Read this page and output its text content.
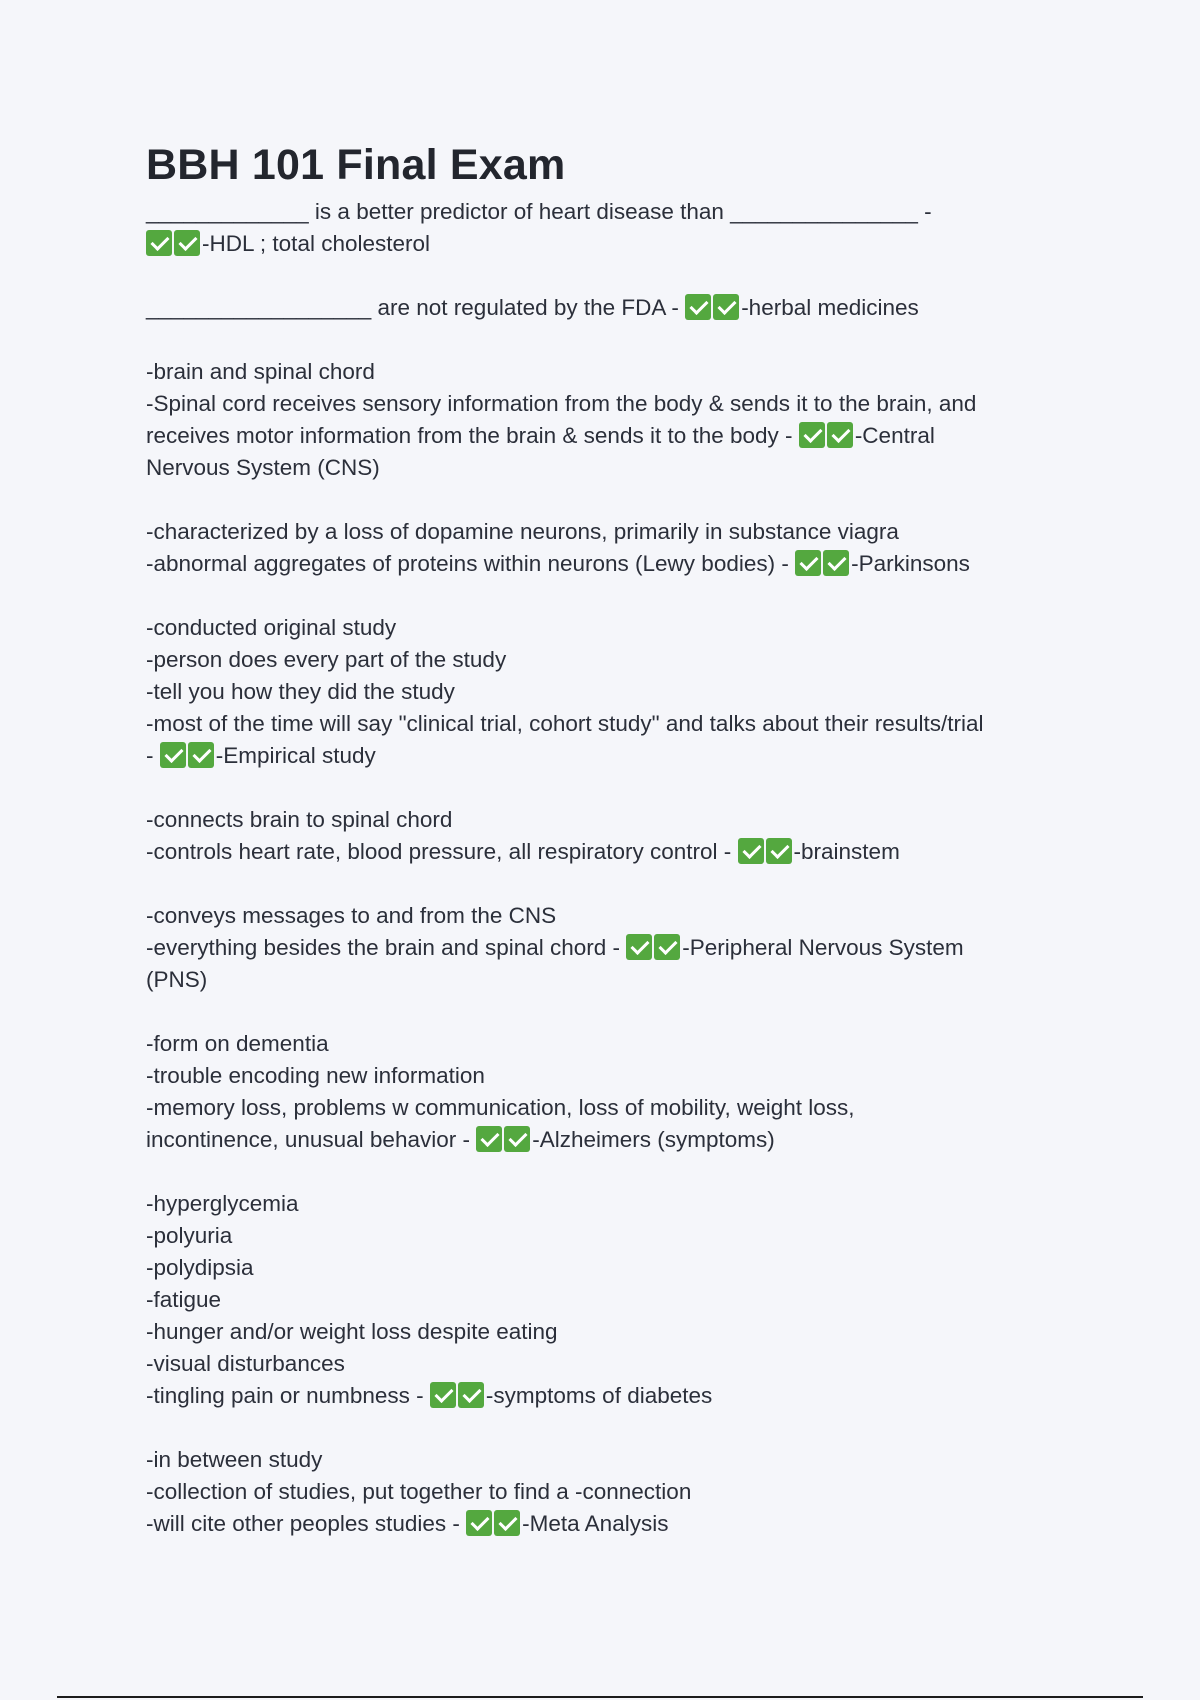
BBH 101 Final Exam
_____________ is a better predictor of heart disease than _______________ -
-HDL ; total cholesterol
__________________ are not regulated by the FDA -	-herbal medicines
-brain and spinal chord
-Spinal cord receives sensory information from the body & sends it to the brain, and
receives motor information from the brain & sends it to the body -	-Central
Nervous System (CNS)
-characterized by a loss of dopamine neurons, primarily in substance viagra
-abnormal aggregates of proteins within neurons (Lewy bodies) -	-Parkinsons
-conducted original study
-person does every part of the study
-tell you how they did the study
-most of the time will say "clinical trial, cohort study" and talks about their results/trial
-	-Empirical study
-connects brain to spinal chord
-controls heart rate, blood pressure, all respiratory control -	-brainstem
-conveys messages to and from the CNS
-everything besides the brain and spinal chord -	-Peripheral Nervous System
(PNS)
-form on dementia
-trouble encoding new information
-memory loss, problems w communication, loss of mobility, weight loss,
incontinence, unusual behavior -	-Alzheimers (symptoms)
-hyperglycemia
-polyuria
-polydipsia
-fatigue
-hunger and/or weight loss despite eating
-visual disturbances
-tingling pain or numbness -	-symptoms of diabetes
-in between study
-collection of studies, put together to find a -connection
-will cite other peoples studies -	-Meta Analysis
